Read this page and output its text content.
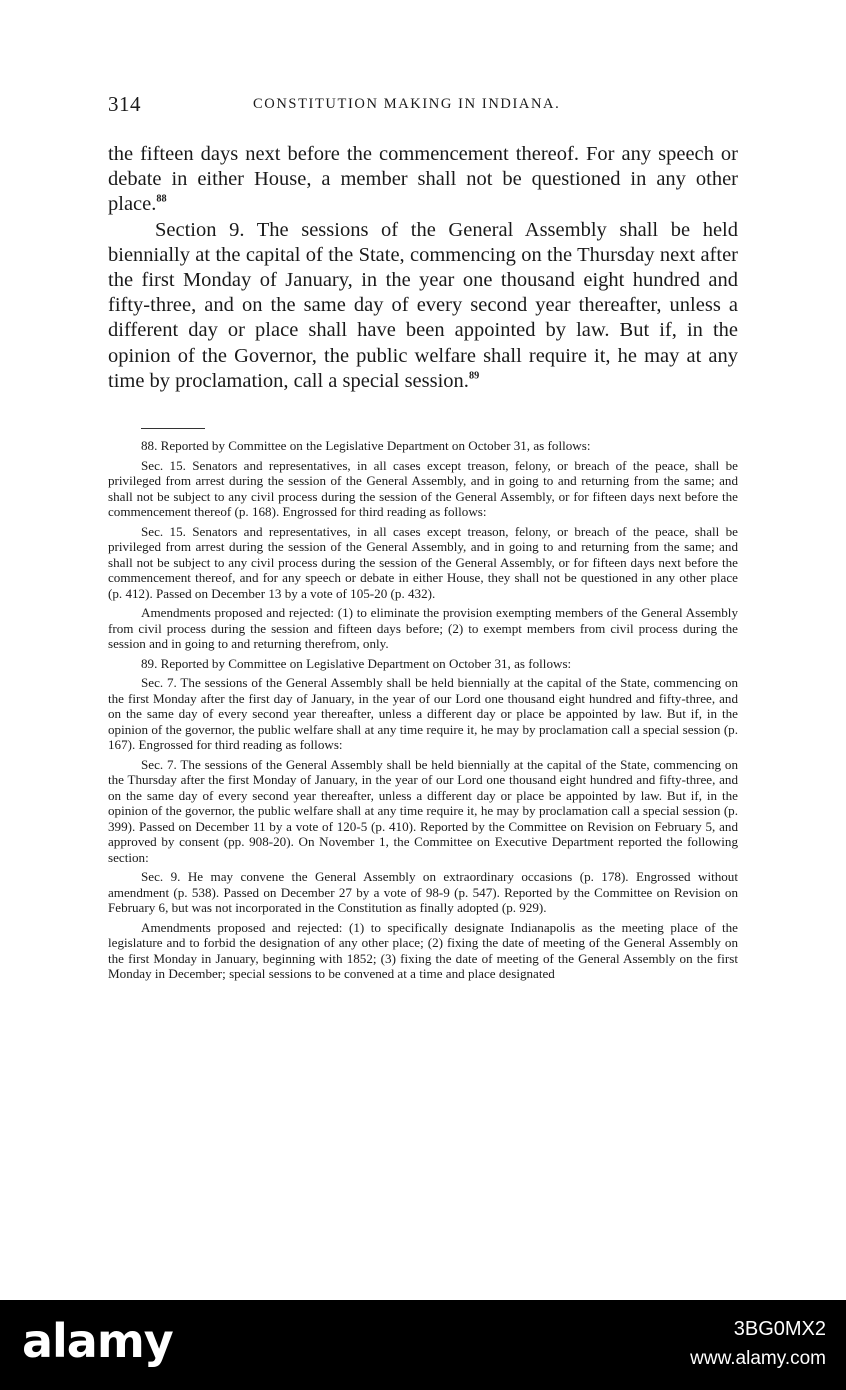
314	CONSTITUTION MAKING IN INDIANA.

the fifteen days next before the commencement thereof. For any speech or debate in either House, a member shall not be questioned in any other place.$^{88}$

Section 9. The sessions of the General Assembly shall be held biennially at the capital of the State, commencing on the Thursday next after the first Monday of January, in the year one thousand eight hundred and fifty-three, and on the same day of every second year thereafter, unless a different day or place shall have been appointed by law. But if, in the opinion of the Governor, the public welfare shall require it, he may at any time by proclamation, call a special session.$^{89}$

88. Reported by Committee on the Legislative Department on October 31, as follows:

Sec. 15. Senators and representatives, in all cases except treason, felony, or breach of the peace, shall be privileged from arrest during the session of the General Assembly, and in going to and returning from the same; and shall not be subject to any civil process during the session of the General Assembly, or for fifteen days next before the commencement thereof (p. 168). Engrossed for third reading as follows:

Sec. 15. Senators and representatives, in all cases except treason, felony, or breach of the peace, shall be privileged from arrest during the session of the General Assembly, and in going to and returning from the same; and shall not be subject to any civil process during the session of the General Assembly, or for fifteen days next before the commencement thereof, and for any speech or debate in either House, they shall not be questioned in any other place (p. 412). Passed on December 13 by a vote of 105-20 (p. 432).

Amendments proposed and rejected: (1) to eliminate the provision exempting members of the General Assembly from civil process during the session and fifteen days before; (2) to exempt members from civil process during the session and in going to and returning therefrom, only.

89. Reported by Committee on Legislative Department on October 31, as follows:

Sec. 7. The sessions of the General Assembly shall be held biennially at the capital of the State, commencing on the first Monday after the first day of January, in the year of our Lord one thousand eight hundred and fifty-three, and on the same day of every second year thereafter, unless a different day or place be appointed by law. But if, in the opinion of the governor, the public welfare shall at any time require it, he may by proclamation call a special session (p. 167). Engrossed for third reading as follows:

Sec. 7. The sessions of the General Assembly shall be held biennially at the capital of the State, commencing on the Thursday after the first Monday of January, in the year of our Lord one thousand eight hundred and fifty-three, and on the same day of every second year thereafter, unless a different day or place be appointed by law. But if, in the opinion of the governor, the public welfare shall at any time require it, he may by proclamation call a special session (p. 399). Passed on December 11 by a vote of 120-5 (p. 410). Reported by the Committee on Revision on February 5, and approved by consent (pp. 908-20). On November 1, the Committee on Executive Department reported the following section:

Sec. 9. He may convene the General Assembly on extraordinary occasions (p. 178). Engrossed without amendment (p. 538). Passed on December 27 by a vote of 98-9 (p. 547). Reported by the Committee on Revision on February 6, but was not incorporated in the Constitution as finally adopted (p. 929).

Amendments proposed and rejected: (1) to specifically designate Indianapolis as the meeting place of the legislature and to forbid the designation of any other place; (2) fixing the date of meeting of the General Assembly on the first Monday in January, beginning with 1852; (3) fixing the date of meeting of the General Assembly on the first Monday in December; special sessions to be convened at a time and place designated

alamy	3BG0MX2
www.alamy.com
